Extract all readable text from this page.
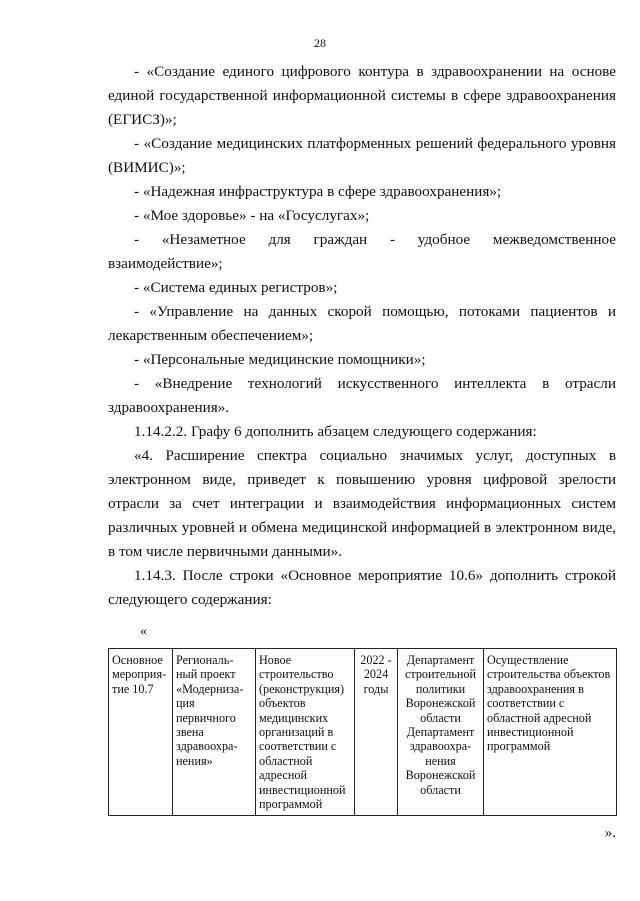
28

- «Создание единого цифрового контура в здравоохранении на основе единой государственной информационной системы в сфере здравоохранения (ЕГИСЗ)»;

- «Создание медицинских платформенных решений федерального уровня (ВИМИС)»;

- «Надежная инфраструктура в сфере здравоохранения»;

- «Мое здоровье» - на «Госуслугах»;

- «Незаметное для граждан - удобное межведомственное взаимодействие»;

- «Система единых регистров»;

- «Управление на данных скорой помощью, потоками пациентов и лекарственным обеспечением»;

- «Персональные медицинские помощники»;

- «Внедрение технологий искусственного интеллекта в отрасли здравоохранения».

1.14.2.2. Графу 6 дополнить абзацем следующего содержания:

«4. Расширение спектра социально значимых услуг, доступных в электронном виде, приведет к повышению уровня цифровой зрелости отрасли за счет интеграции и взаимодействия информационных систем различных уровней и обмена медицинской информацией в электронном виде, в том числе первичными данными».

1.14.3. После строки «Основное мероприятие 10.6» дополнить строкой следующего содержания:

«
Основное мероприя-тие 10.7	Региональ-ный проект «Модерниза-ция первичного звена здравоохра-нения»	Новое строительство (реконструкция) объектов медицинских организаций в соответствии с областной адресной инвестиционной программой	2022 - 2024 годы	Департамент строительной политики Воронежской области Департамент здравоохра-нения Воронежской области	Осуществление строительства объектов здравоохранения в соответствии с областной адресной инвестиционной программой
».
